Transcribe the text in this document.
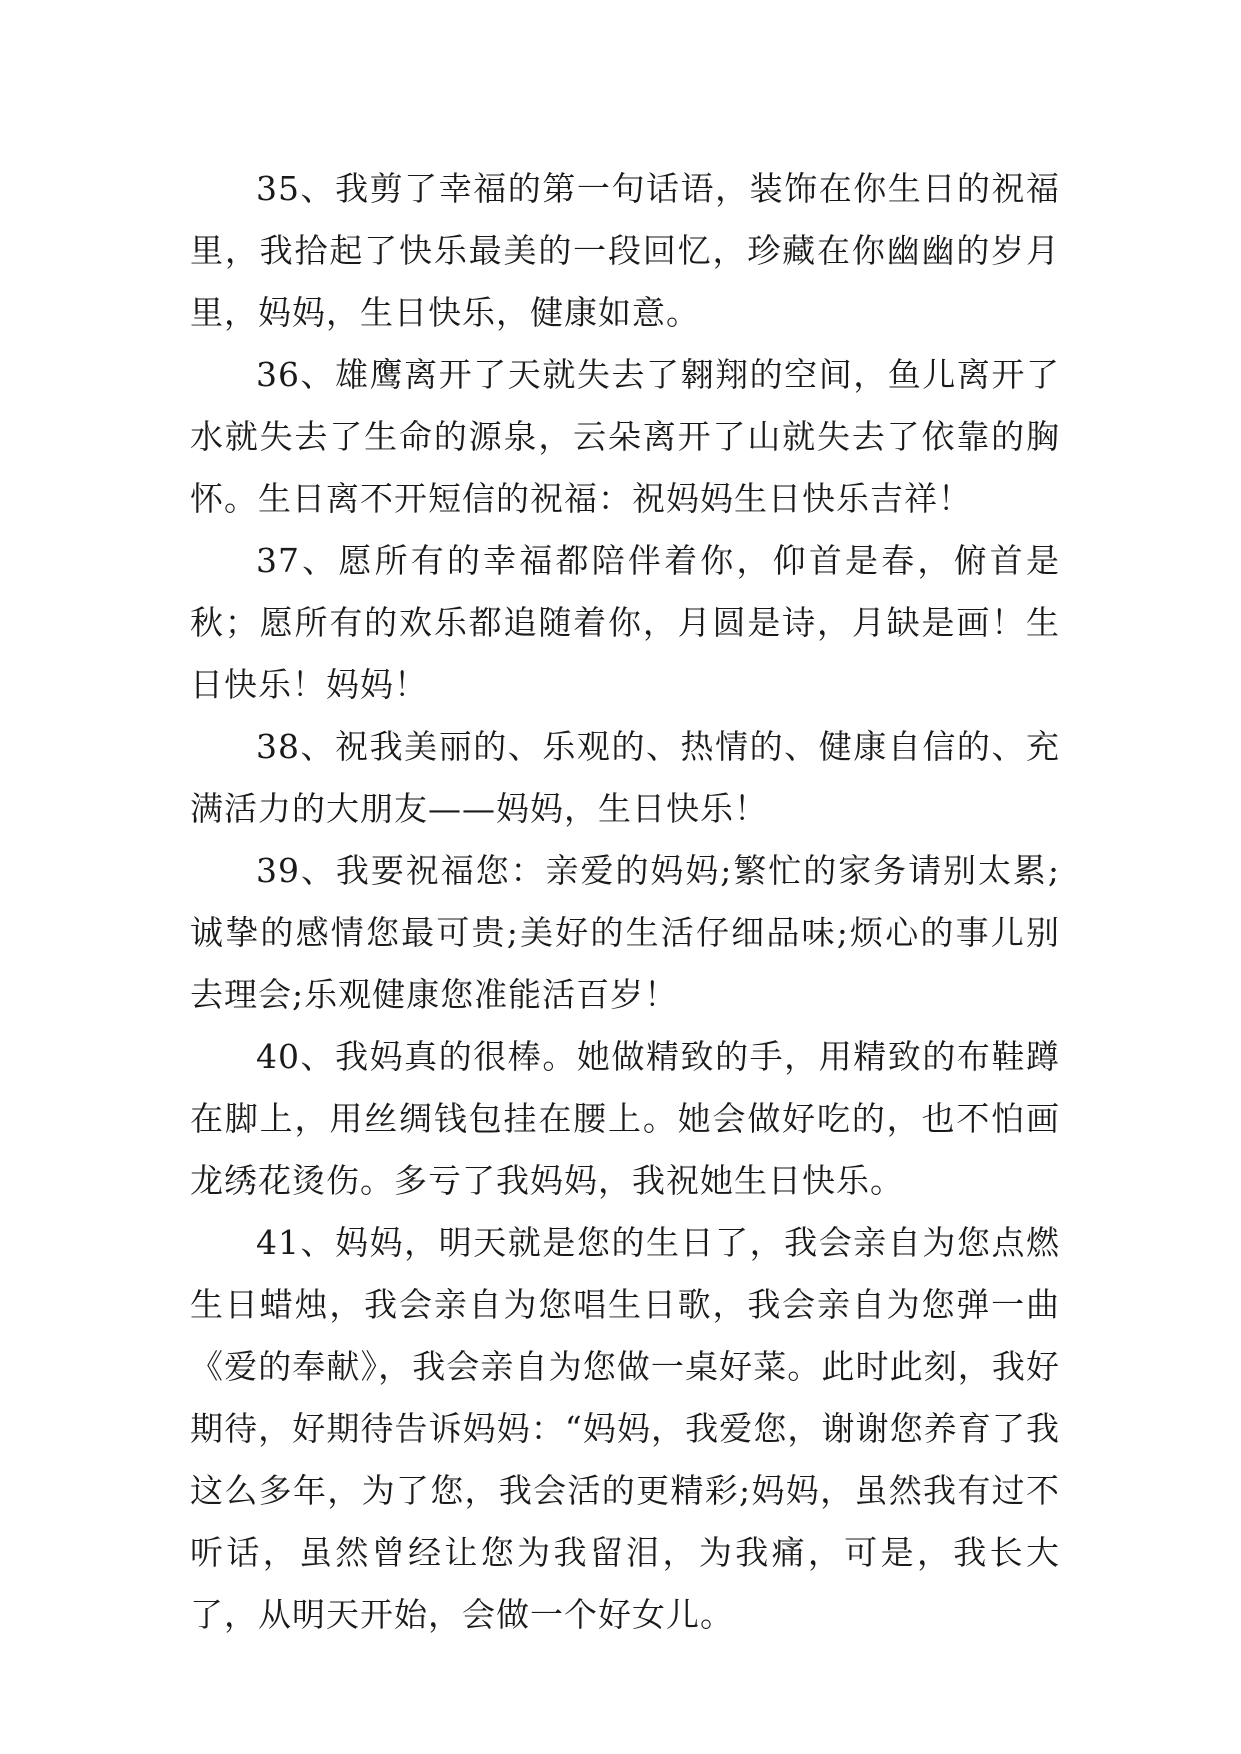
35、我剪了幸福的第一句话语，装饰在你生日的祝福里，我拾起了快乐最美的一段回忆，珍藏在你幽幽的岁月里，妈妈，生日快乐，健康如意。

36、雄鹰离开了天就失去了翱翔的空间，鱼儿离开了水就失去了生命的源泉，云朵离开了山就失去了依靠的胸怀。生日离不开短信的祝福：祝妈妈生日快乐吉祥！

37、愿所有的幸福都陪伴着你，仰首是春，俯首是秋；愿所有的欢乐都追随着你，月圆是诗，月缺是画！生日快乐！妈妈！

38、祝我美丽的、乐观的、热情的、健康自信的、充满活力的大朋友——妈妈，生日快乐！

39、我要祝福您：亲爱的妈妈;繁忙的家务请别太累;诚挚的感情您最可贵;美好的生活仔细品味;烦心的事儿别去理会;乐观健康您准能活百岁！

40、我妈真的很棒。她做精致的手，用精致的布鞋蹲在脚上，用丝绸钱包挂在腰上。她会做好吃的，也不怕画龙绣花烫伤。多亏了我妈妈，我祝她生日快乐。

41、妈妈，明天就是您的生日了，我会亲自为您点燃生日蜡烛，我会亲自为您唱生日歌，我会亲自为您弹一曲《爱的奉献》，我会亲自为您做一桌好菜。此时此刻，我好期待，好期待告诉妈妈：“妈妈，我爱您，谢谢您养育了我这么多年，为了您，我会活的更精彩;妈妈，虽然我有过不听话，虽然曾经让您为我留泪，为我痛，可是，我长大了，从明天开始，会做一个好女儿。
